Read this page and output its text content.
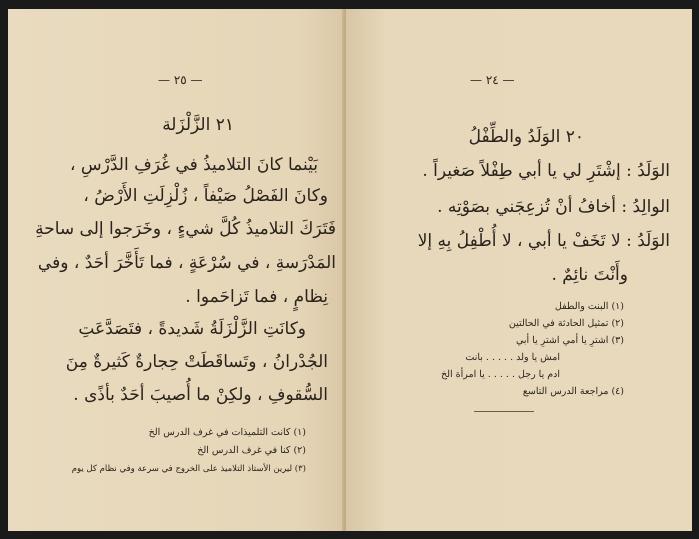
— ٢٥ —
٢١ الزَّلْزَلة
بَيْنما كانَ التلاميذُ في غُرَفِ الدَّرْسِ ،
وكانَ الفَصْلُ صَيْفاً ، زُلْزِلَتِ الأَرْضُ ،
فَتَرَكَ التلاميذُ كُلَّ شيءٍ ، وخَرَجوا إلى ساحةِ
المَدْرَسةِ ، في سُرْعَةٍ ، فما تَأَخَّرَ أحَدٌ ، وفي
نِظامٍ ، فما تَزاحَموا .
وكانَتِ الزَّلْزَلَةُ شَديدةً ، فتَصَدَّعَتِ
الجُدْرانُ ، وتَساقَطَتْ حِجارةٌ كَثيرةٌ مِنَ
السُّقوفِ ، ولكِنْ ما أُصيبَ أحَدٌ بأذًى .
(١) كانت التلميذات في غرف الدرس الخ
(٢) كنا في غرف الدرس الخ
(٣) ليرين الأستاذ التلاميذ على الخروج في سرعة وفي نظام كل يوم
— ٢٤ —
٢٠ الوَلَدُ والطِّفْلُ
الوَلَدُ : إشْتَرِ لي يا أبي طِفْلاً صَغيراً .
الوالِدُ : أخافُ أنْ تُزعِجَني بصَوْتِه .
الوَلَدُ : لا تَخَفْ يا أبي ، لا أُطْفِلُ بِهِ إلا
وأَنْتَ نائِمٌ .
(١) البنت والطفل
(٢) تمثيل الحادثة في الحالتين
(٣) اشترِ يا أمي اشترِ يا أبي
امش يا ولد . . . . . بانت
ادم يا رجل . . . . . يا امرأة الخ
(٤) مراجعة الدرس التاسع
